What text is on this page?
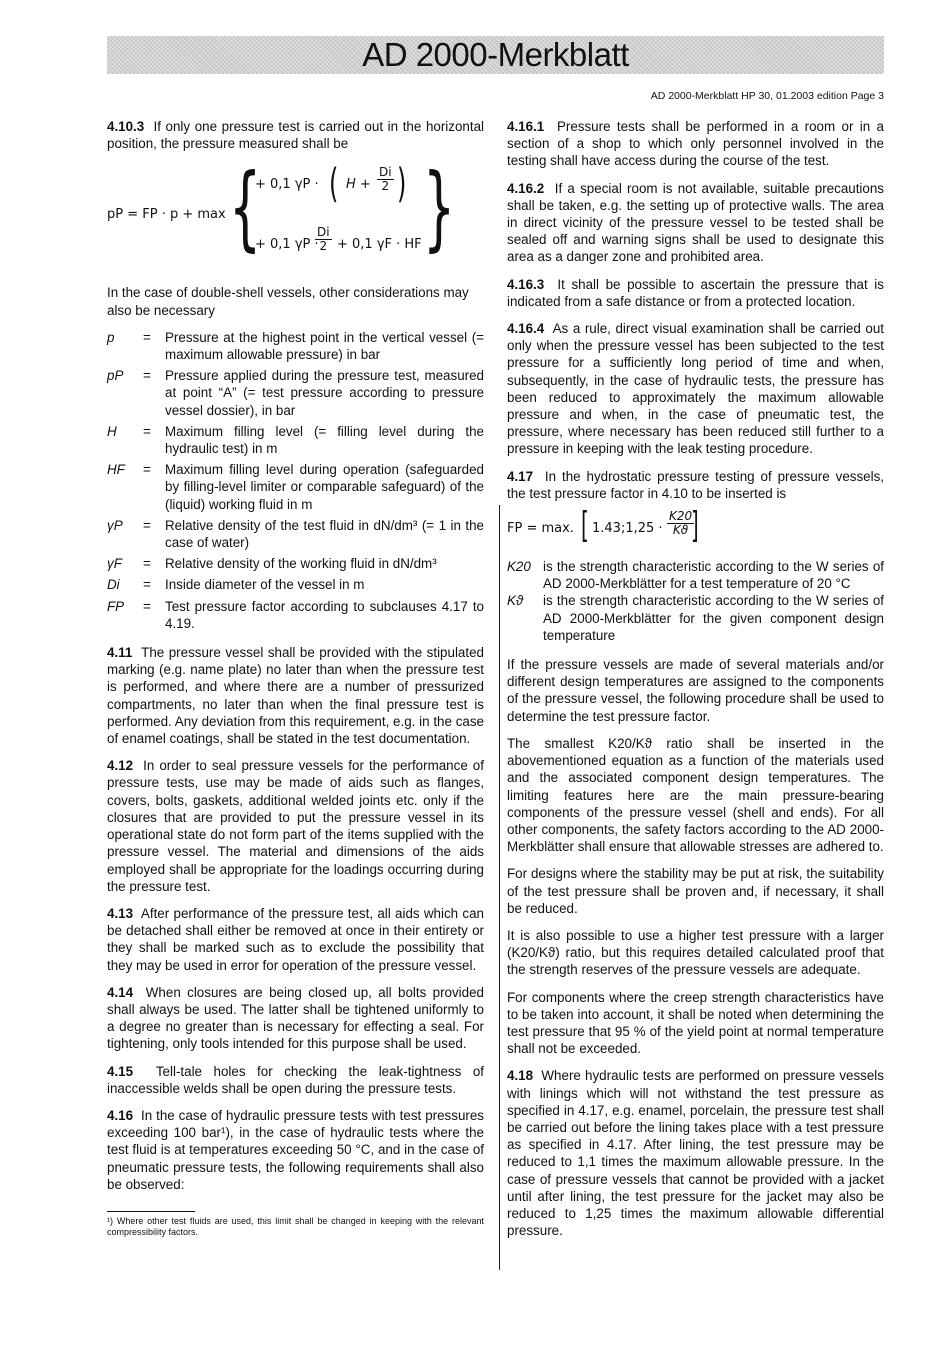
AD 2000-Merkblatt
AD 2000-Merkblatt HP 30, 01.2003 edition Page 3

4.10.3 If only one pressure test is carried out in the horizontal position, the pressure measured shall be

pP = FP · p + max {
+ 0,1 γP · ( $H + \frac{Di}{2}$ )
+ 0,1 γP ·
$\frac{Di}{2} + 0,1$ γF · HF }

In the case of double-shell vessels, other considerations may also be necessary

p	=	Pressure at the highest point in the vertical vessel (= maximum allowable pressure) in bar
pP	=	Pressure applied during the pressure test, measured at point “A” (= test pressure according to pressure vessel dossier), in bar
H	=	Maximum filling level (= filling level during the hydraulic test) in m
HF	=	Maximum filling level during operation (safeguarded by filling-level limiter or comparable safeguard) of the (liquid) working fluid in m
γP	=	Relative density of the test fluid in dN/dm³ (= 1 in the case of water)
γF	=	Relative density of the working fluid in dN/dm³
Di	=	Inside diameter of the vessel in m
FP	=	Test pressure factor according to subclauses 4.17 to 4.19.

4.11 The pressure vessel shall be provided with the stipulated marking (e.g. name plate) no later than when the pressure test is performed, and where there are a number of pressurized compartments, no later than when the final pressure test is performed. Any deviation from this requirement, e.g. in the case of enamel coatings, shall be stated in the test documentation.

4.12 In order to seal pressure vessels for the performance of pressure tests, use may be made of aids such as flanges, covers, bolts, gaskets, additional welded joints etc. only if the closures that are provided to put the pressure vessel in its operational state do not form part of the items supplied with the pressure vessel. The material and dimensions of the aids employed shall be appropriate for the loadings occurring during the pressure test.

4.13 After performance of the pressure test, all aids which can be detached shall either be removed at once in their entirety or they shall be marked such as to exclude the possibility that they may be used in error for operation of the pressure vessel.

4.14 When closures are being closed up, all bolts provided shall always be used. The latter shall be tightened uniformly to a degree no greater than is necessary for effecting a seal. For tightening, only tools intended for this purpose shall be used.

4.15 Tell-tale holes for checking the leak-tightness of inaccessible welds shall be open during the pressure tests.

4.16 In the case of hydraulic pressure tests with test pressures exceeding 100 bar¹), in the case of hydraulic tests where the test fluid is at temperatures exceeding 50 °C, and in the case of pneumatic pressure tests, the following requirements shall also be observed:

¹) Where other test fluids are used, this limit shall be changed in keeping with the relevant compressibility factors.

4.16.1 Pressure tests shall be performed in a room or in a section of a shop to which only personnel involved in the testing shall have access during the course of the test.

4.16.2 If a special room is not available, suitable precautions shall be taken, e.g. the setting up of protective walls. The area in direct vicinity of the pressure vessel to be tested shall be sealed off and warning signs shall be used to designate this area as a danger zone and prohibited area.

4.16.3 It shall be possible to ascertain the pressure that is indicated from a safe distance or from a protected location.

4.16.4 As a rule, direct visual examination shall be carried out only when the pressure vessel has been subjected to the test pressure for a sufficiently long period of time and when, subsequently, in the case of hydraulic tests, the pressure has been reduced to approximately the maximum allowable pressure and when, in the case of pneumatic test, the pressure, where necessary has been reduced still further to a pressure in keeping with the leak testing procedure.

4.17 In the hydrostatic pressure testing of pressure vessels, the test pressure factor in 4.10 to be inserted is

FP = max. [ 1.43;1,25 · $\frac{K20}{Kϑ}$
]
K20 is the strength characteristic according to the W series of AD 2000-Merkblätter for a test temperature of 20 °C
Kϑ	is the strength characteristic according to the W series of AD 2000-Merkblätter for the given component design temperature

If the pressure vessels are made of several materials and/or different design temperatures are assigned to the components of the pressure vessel, the following procedure shall be used to determine the test pressure factor.

The smallest K20/Kϑ ratio shall be inserted in the abovementioned equation as a function of the materials used and the associated component design temperatures. The limiting features here are the main pressure-bearing components of the pressure vessel (shell and ends). For all other components, the safety factors according to the AD 2000-Merkblätter shall ensure that allowable stresses are adhered to.

For designs where the stability may be put at risk, the suitability of the test pressure shall be proven and, if necessary, it shall be reduced.

It is also possible to use a higher test pressure with a larger (K20/Kϑ) ratio, but this requires detailed calculated proof that the strength reserves of the pressure vessels are adequate.

For components where the creep strength characteristics have to be taken into account, it shall be noted when determining the test pressure that 95 % of the yield point at normal temperature shall not be exceeded.

4.18 Where hydraulic tests are performed on pressure vessels with linings which will not withstand the test pressure as specified in 4.17, e.g. enamel, porcelain, the pressure test shall be carried out before the lining takes place with a test pressure as specified in 4.17. After lining, the test pressure may be reduced to 1,1 times the maximum allowable pressure. In the case of pressure vessels that cannot be provided with a jacket until after lining, the test pressure for the jacket may also be reduced to 1,25 times the maximum allowable differential pressure.
